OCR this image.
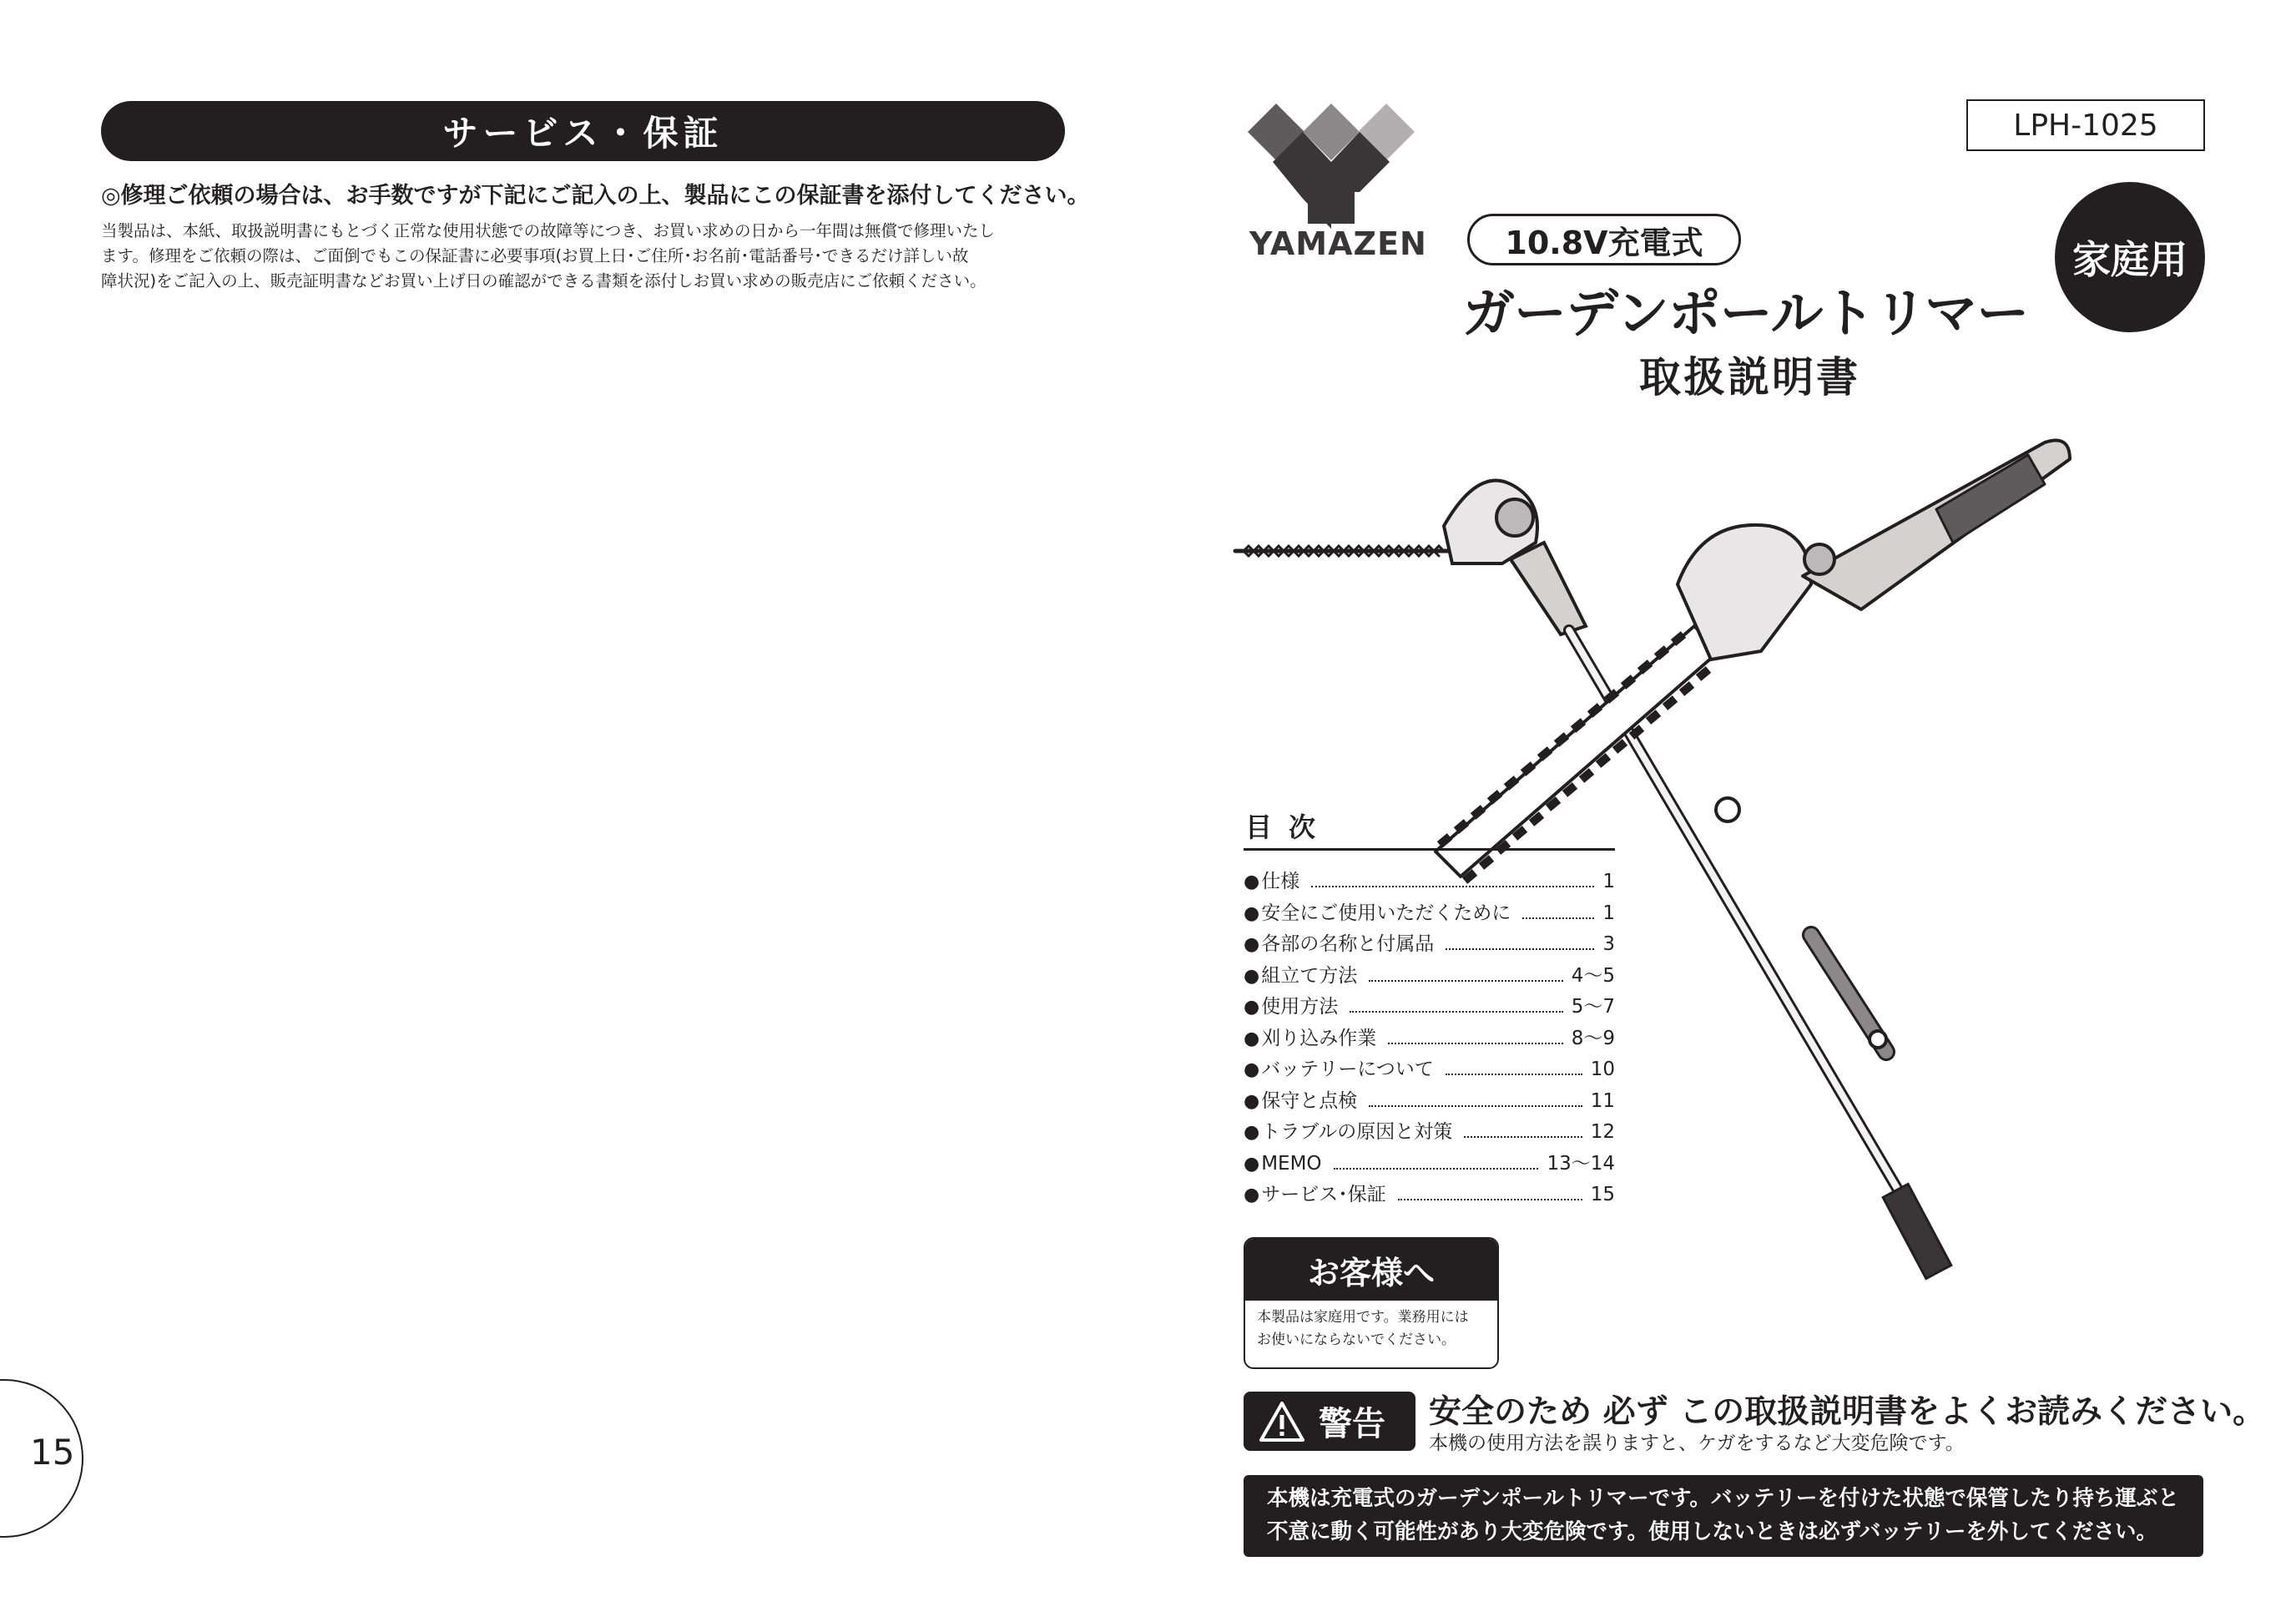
サービス・保証
◎修理ご依頼の場合は、お手数ですが下記にご記入の上、製品にこの保証書を添付してください。
当製品は、本紙、取扱説明書にもとづく正常な使用状態での故障等につき、お買い求めの日から一年間は無償で修理いたし
ます。修理をご依頼の際は、ご面倒でもこの保証書に必要事項(お買上日･ご住所･お名前･電話番号･できるだけ詳しい故
障状況)をご記入の上、販売証明書などお買い上げ日の確認ができる書類を添付しお買い求めの販売店にご依頼ください。
15
YAMAZEN
LPH-1025
10.8V充電式
ガーデンポールトリマー
取扱説明書
家庭用
目次
● 仕様	1
● 安全にご使用いただくために	1
● 各部の名称と付属品	3
● 組立て方法	4〜5
● 使用方法	5〜7
● 刈り込み作業	8〜9
● バッテリーについて	10
● 保守と点検	11
● トラブルの原因と対策	12
● MEMO	13〜14
● サービス･保証	15
お客様へ
本製品は家庭用です。業務用には
お使いにならないでください。
警告 安全のため 必ず この取扱説明書をよくお読みください。
本機の使用方法を誤りますと、ケガをするなど大変危険です。
本機は充電式のガーデンポールトリマーです。バッテリーを付けた状態で保管したり持ち運ぶと
不意に動く可能性があり大変危険です。使用しないときは必ずバッテリーを外してください。
